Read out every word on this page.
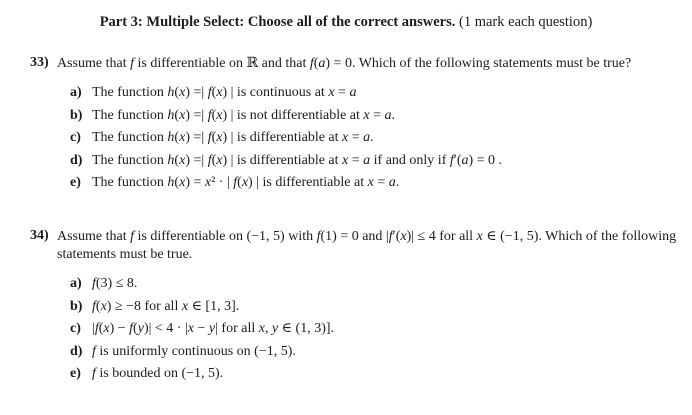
Part 3: Multiple Select: Choose all of the correct answers. (1 mark each question)
33) Assume that f is differentiable on ℝ and that f(a) = 0. Which of the following statements must be true?
a) The function h(x) =| f(x) | is continuous at x = a
b) The function h(x) =| f(x) | is not differentiable at x = a.
c) The function h(x) =| f(x) | is differentiable at x = a.
d) The function h(x) =| f(x) | is differentiable at x = a if and only if f′(a) = 0 .
e) The function h(x) = x² · | f(x) | is differentiable at x = a.
34) Assume that f is differentiable on (−1, 5) with f(1) = 0 and |f′(x)| ≤ 4 for all x ∈ (−1, 5). Which of the following statements must be true.
a) f(3) ≤ 8.
b) f(x) ≥ −8 for all x ∈ [1, 3].
c) |f(x) − f(y)| < 4 · |x − y| for all x, y ∈ (1, 3)].
d) f is uniformly continuous on (−1, 5).
e) f is bounded on (−1, 5).
